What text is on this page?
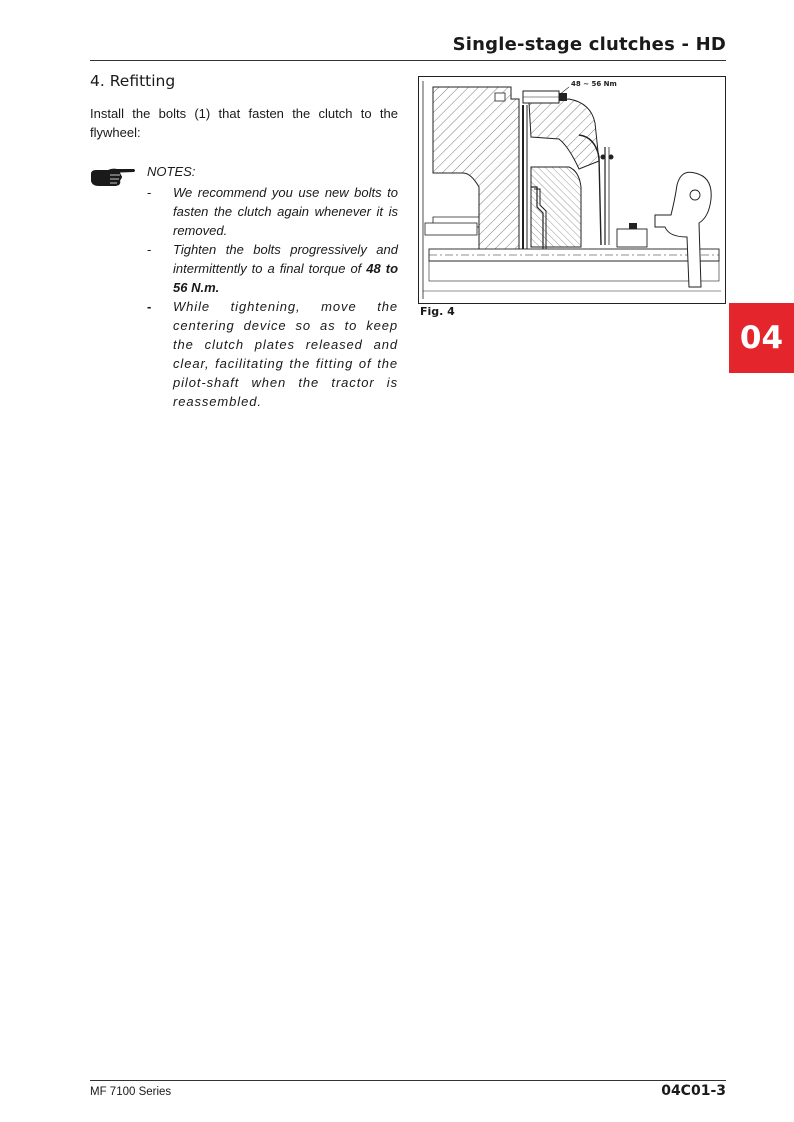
Single-stage clutches - HD
4. Refitting
Install the bolts (1) that fasten the clutch to the flywheel:
NOTES:
- We recommend you use new bolts to fasten the clutch again whenever it is removed.
- Tighten the bolts progressively and intermittently to a final torque of 48 to 56 N.m.
- While tightening, move the centering device so as to keep the clutch plates released and clear, facilitating the fitting of the pilot-shaft when the tractor is reassembled.
48 ~ 56 Nm
Fig. 4
04
MF 7100 Series	04C01-3
